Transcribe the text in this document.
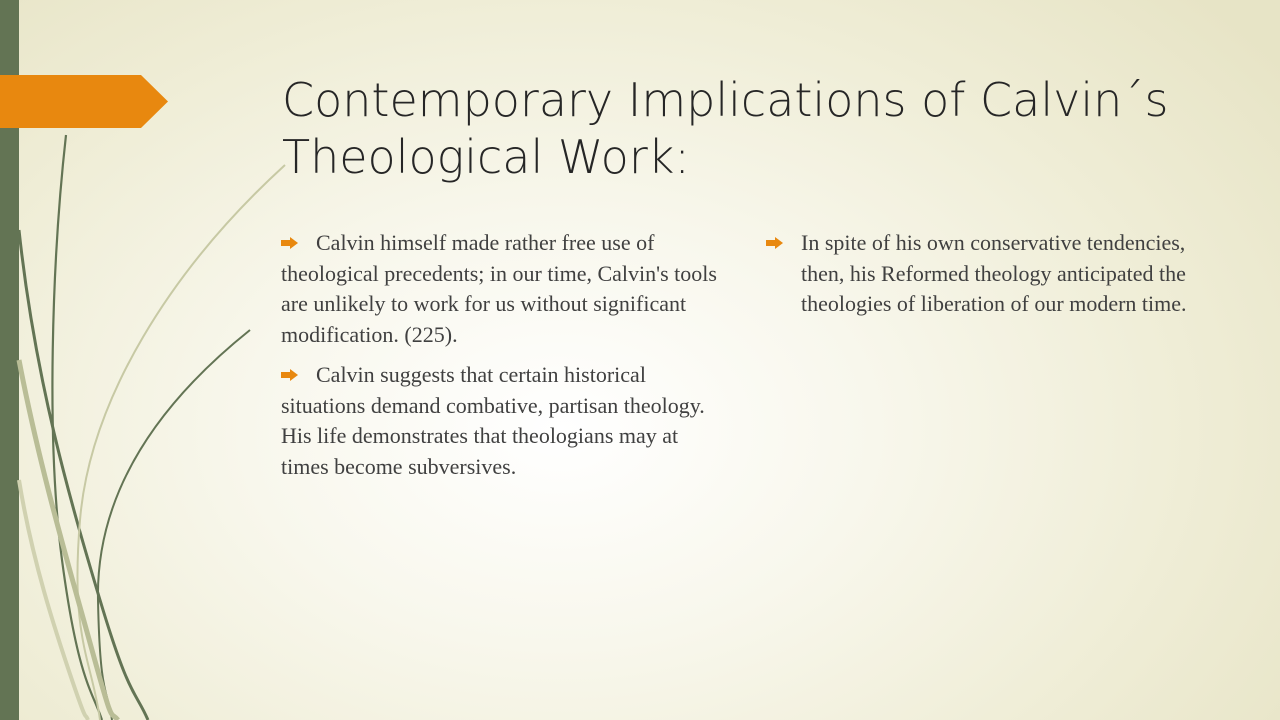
Contemporary Implications of Calvin´s Theological Work:
Calvin himself made rather free use of theological precedents; in our time, Calvin's tools are unlikely to work for us without significant modification. (225).
Calvin suggests that certain historical situations demand combative, partisan theology. His life demonstrates that theologians may at times become subversives.
In spite of his own conservative tendencies, then, his Reformed theology anticipated the theologies of liberation of our modern time.
